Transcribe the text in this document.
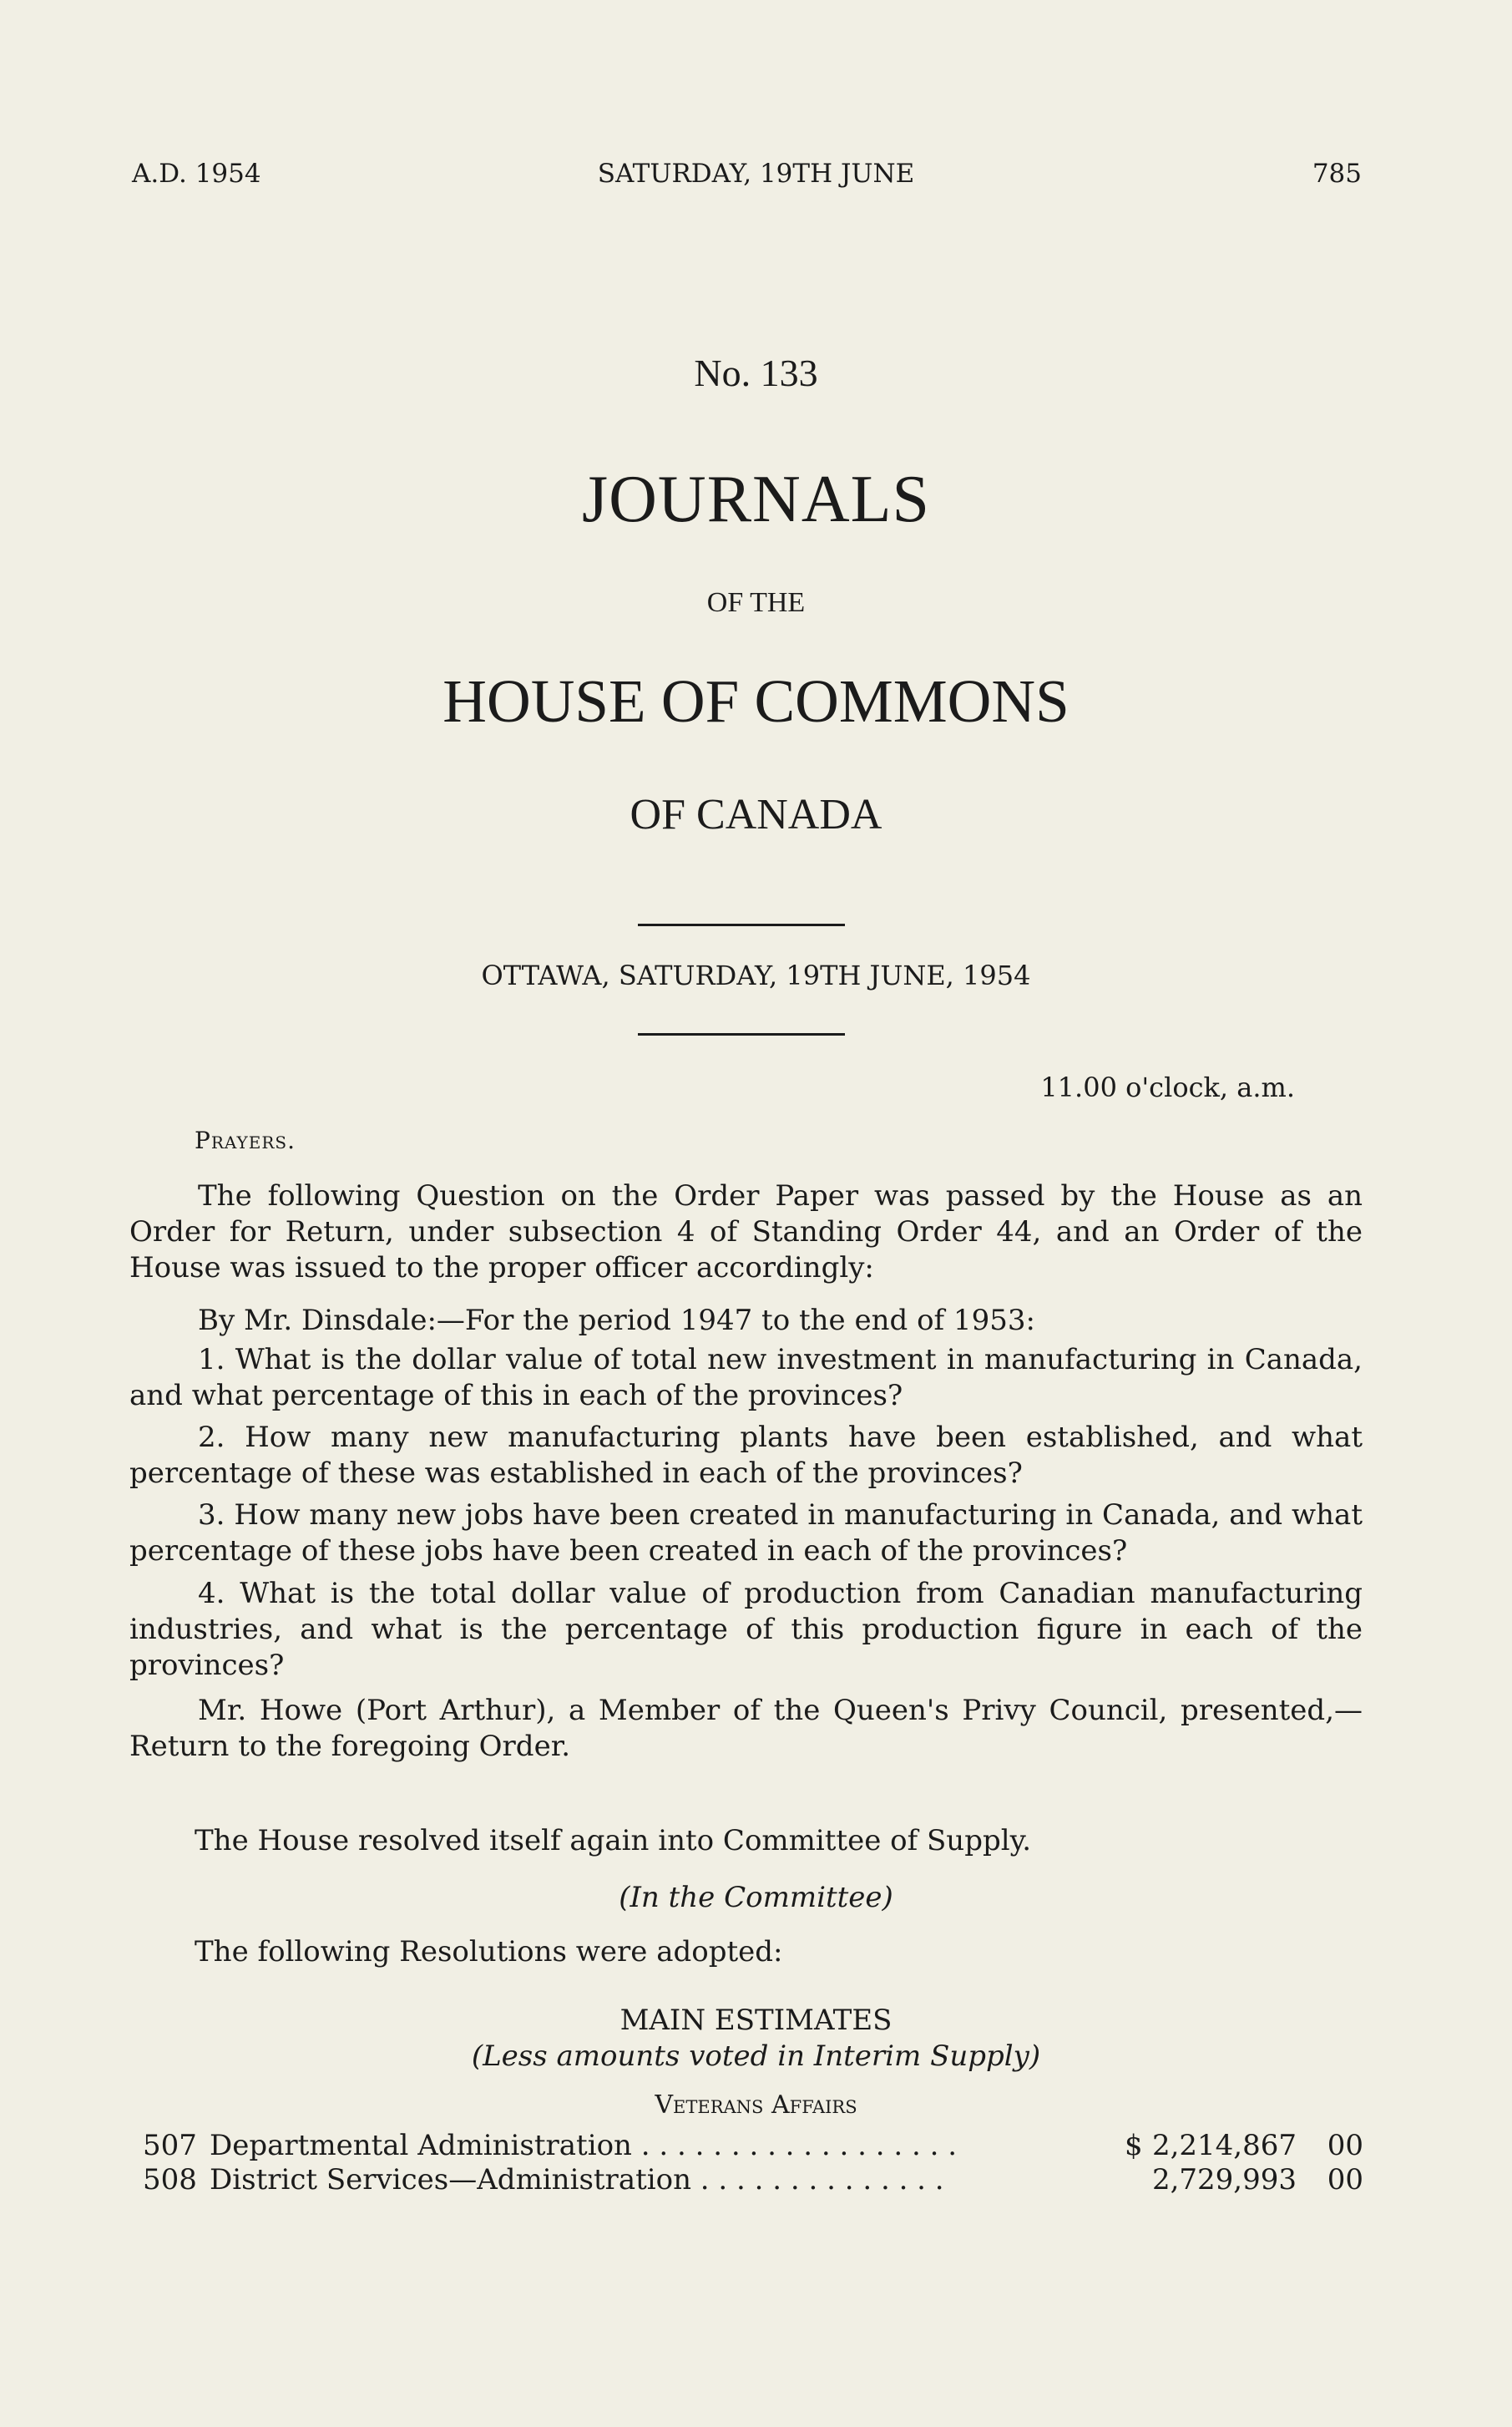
A.D. 1954	SATURDAY, 19TH JUNE	785
No. 133
JOURNALS
OF THE
HOUSE OF COMMONS
OF CANADA
OTTAWA, SATURDAY, 19TH JUNE, 1954
11.00 o'clock, a.m.
Prayers.

The following Question on the Order Paper was passed by the House as an Order for Return, under subsection 4 of Standing Order 44, and an Order of the House was issued to the proper officer accordingly:

By Mr. Dinsdale:—For the period 1947 to the end of 1953:

1. What is the dollar value of total new investment in manufacturing in Canada, and what percentage of this in each of the provinces?

2. How many new manufacturing plants have been established, and what percentage of these was established in each of the provinces?

3. How many new jobs have been created in manufacturing in Canada, and what percentage of these jobs have been created in each of the provinces?

4. What is the total dollar value of production from Canadian manufacturing industries, and what is the percentage of this production figure in each of the provinces?

Mr. Howe (Port Arthur), a Member of the Queen's Privy Council, presented,—Return to the foregoing Order.

The House resolved itself again into Committee of Supply.
(In the Committee)
The following Resolutions were adopted:
MAIN ESTIMATES
(Less amounts voted in Interim Supply)
Veterans Affairs
507 Departmental Administration . . . . . . . . . . . . . . . . . .	$ 2,214,867 00
508 District Services—Administration . . . . . . . . . . . . . .	2,729,993 00
